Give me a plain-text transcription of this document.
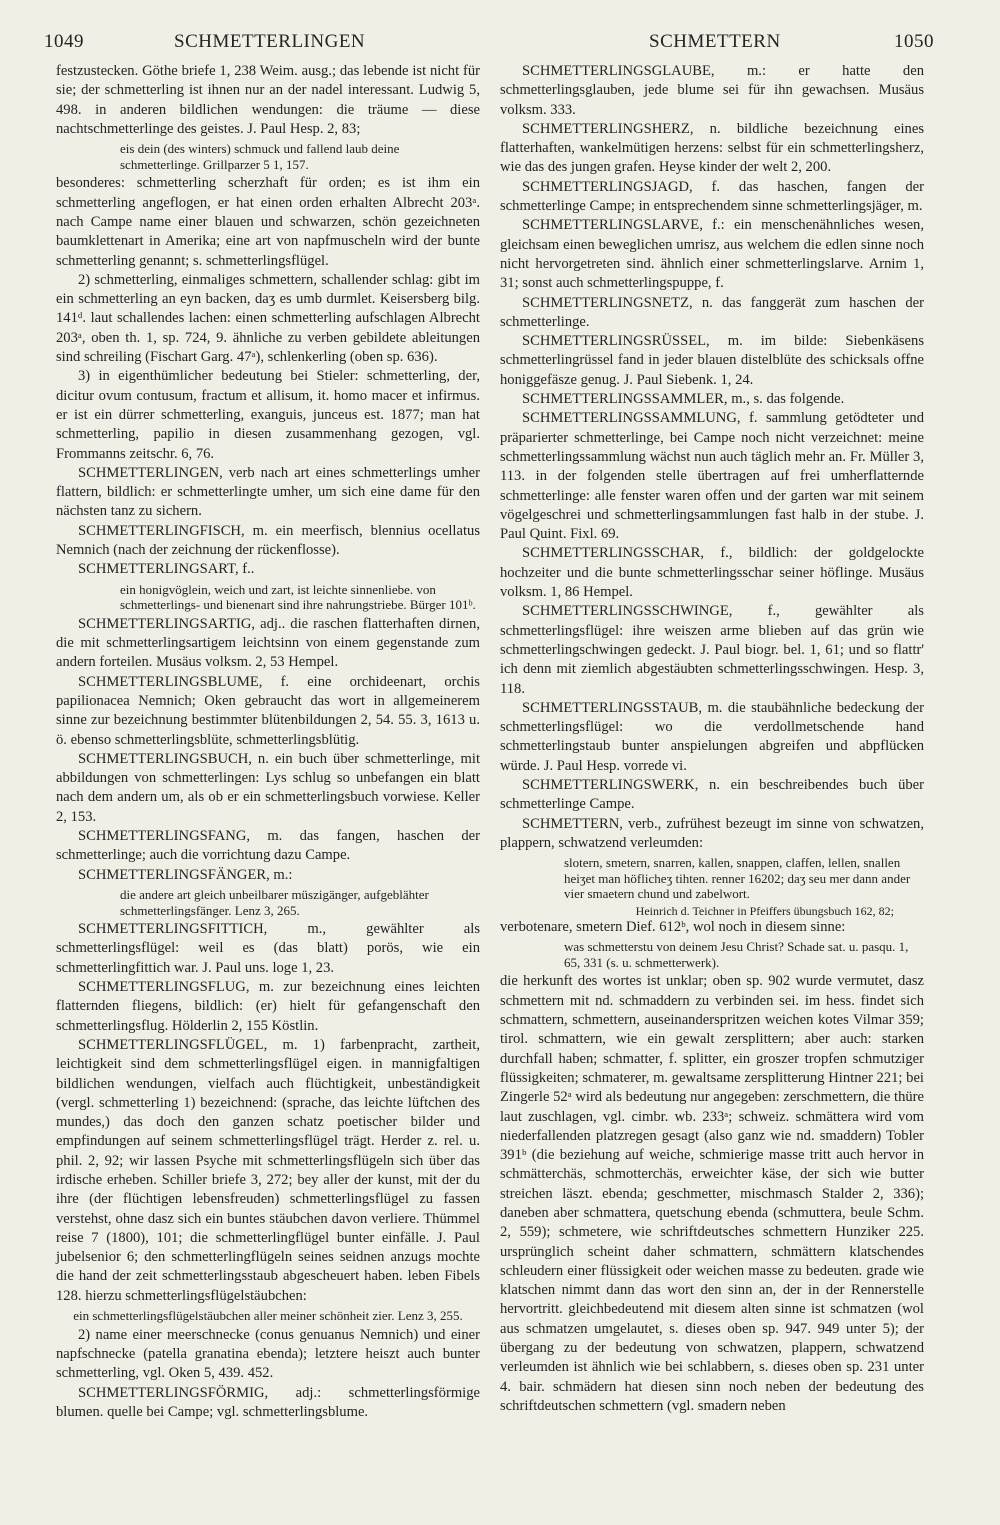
1049	SCHMETTERLINGEN	SCHMETTERN	1050

festzustecken. Göthe briefe 1, 238 Weim. ausg.; das lebende ist nicht für sie; der schmetterling ist ihnen nur an der nadel interessant. Ludwig 5, 498. in anderen bildlichen wendungen: die träume — diese nachtschmetterlinge des geistes. J. Paul Hesp. 2, 83;

eis dein (des winters) schmuck und fallend laub deine schmetterlinge. Grillparzer 5 1, 157.

besonderes: schmetterling scherzhaft für orden; es ist ihm ein schmetterling angeflogen, er hat einen orden erhalten Albrecht 203ᵃ. nach Campe name einer blauen und schwarzen, schön gezeichneten baumklettenart in Amerika; eine art von napfmuscheln wird der bunte schmetterling genannt; s. schmetterlingsflügel.

2) schmetterling, einmaliges schmettern, schallender schlag: gibt im ein schmetterling an eyn backen, daʒ es umb durmlet. Keisersberg bilg. 141ᵈ. laut schallendes lachen: einen schmetterling aufschlagen Albrecht 203ᵃ, oben th. 1, sp. 724, 9. ähnliche zu verben gebildete ableitungen sind schreiling (Fischart Garg. 47ᵃ), schlenkerling (oben sp. 636).

3) in eigenthümlicher bedeutung bei Stieler: schmetterling, der, dicitur ovum contusum, fractum et allisum, it. homo macer et infirmus. er ist ein dürrer schmetterling, exanguis, junceus est. 1877; man hat schmetterling, papilio in diesen zusammenhang gezogen, vgl. Frommanns zeitschr. 6, 76.

SCHMETTERLINGEN, verb nach art eines schmetterlings umher flattern, bildlich: er schmetterlingte umher, um sich eine dame für den nächsten tanz zu sichern.

SCHMETTERLINGFISCH, m. ein meerfisch, blennius ocellatus Nemnich (nach der zeichnung der rückenflosse).

SCHMETTERLINGSART, f..

ein honigvöglein, weich und zart, ist leichte sinnenliebe. von schmetterlings- und bienenart sind ihre nahrungstriebe. Bürger 101ᵇ.

SCHMETTERLINGSARTIG, adj.. die raschen flatterhaften dirnen, die mit schmetterlingsartigem leichtsinn von einem gegenstande zum andern forteilen. Musäus volksm. 2, 53 Hempel.

SCHMETTERLINGSBLUME, f. eine orchideenart, orchis papilionacea Nemnich; Oken gebraucht das wort in allgemeinerem sinne zur bezeichnung bestimmter blütenbildungen 2, 54. 55. 3, 1613 u. ö. ebenso schmetterlingsblüte, schmetterlingsblütig.

SCHMETTERLINGSBUCH, n. ein buch über schmetterlinge, mit abbildungen von schmetterlingen: Lys schlug so unbefangen ein blatt nach dem andern um, als ob er ein schmetterlingsbuch vorwiese. Keller 2, 153.

SCHMETTERLINGSFANG, m. das fangen, haschen der schmetterlinge; auch die vorrichtung dazu Campe.

SCHMETTERLINGSFÄNGER, m.:

die andere art gleich unbeilbarer müszigänger, aufgeblähter schmetterlingsfänger. Lenz 3, 265.

SCHMETTERLINGSFITTICH, m., gewählter als schmetterlingsflügel: weil es (das blatt) porös, wie ein schmetterlingfittich war. J. Paul uns. loge 1, 23.

SCHMETTERLINGSFLUG, m. zur bezeichnung eines leichten flatternden fliegens, bildlich: (er) hielt für gefangenschaft den schmetterlingsflug. Hölderlin 2, 155 Köstlin.

SCHMETTERLINGSFLÜGEL, m. 1) farbenpracht, zartheit, leichtigkeit sind dem schmetterlingsflügel eigen. in mannigfaltigen bildlichen wendungen, vielfach auch flüchtigkeit, unbeständigkeit (vergl. schmetterling 1) bezeichnend: (sprache, das leichte lüftchen des mundes,) das doch den ganzen schatz poetischer bilder und empfindungen auf seinem schmetterlingsflügel trägt. Herder z. rel. u. phil. 2, 92; wir lassen Psyche mit schmetterlingsflügeln sich über das irdische erheben. Schiller briefe 3, 272; bey aller der kunst, mit der du ihre (der flüchtigen lebensfreuden) schmetterlingsflügel zu fassen verstehst, ohne dasz sich ein buntes stäubchen davon verliere. Thümmel reise 7 (1800), 101; die schmetterlingflügel bunter einfälle. J. Paul jubelsenior 6; den schmetterlingflügeln seines seidnen anzugs mochte die hand der zeit schmetterlingsstaub abgescheuert haben. leben Fibels 128. hierzu schmetterlingsflügelstäubchen:

ein schmetterlingsflügelstäubchen aller meiner schönheit zier. Lenz 3, 255.

2) name einer meerschnecke (conus genuanus Nemnich) und einer napfschnecke (patella granatina ebenda); letztere heiszt auch bunter schmetterling, vgl. Oken 5, 439. 452.

SCHMETTERLINGSFÖRMIG, adj.: schmetterlingsförmige blumen. quelle bei Campe; vgl. schmetterlingsblume.

SCHMETTERLINGSGLAUBE, m.: er hatte den schmetterlingsglauben, jede blume sei für ihn gewachsen. Musäus volksm. 333.

SCHMETTERLINGSHERZ, n. bildliche bezeichnung eines flatterhaften, wankelmütigen herzens: selbst für ein schmetterlingsherz, wie das des jungen grafen. Heyse kinder der welt 2, 200.

SCHMETTERLINGSJAGD, f. das haschen, fangen der schmetterlinge Campe; in entsprechendem sinne schmetterlingsjäger, m.

SCHMETTERLINGSLARVE, f.: ein menschenähnliches wesen, gleichsam einen beweglichen umrisz, aus welchem die edlen sinne noch nicht hervorgetreten sind. ähnlich einer schmetterlingslarve. Arnim 1, 31; sonst auch schmetterlingspuppe, f.

SCHMETTERLINGSNETZ, n. das fanggerät zum haschen der schmetterlinge.

SCHMETTERLINGSRÜSSEL, m. im bilde: Siebenkäsens schmetterlingrüssel fand in jeder blauen distelblüte des schicksals offne honiggefäsze genug. J. Paul Siebenk. 1, 24.

SCHMETTERLINGSSAMMLER, m., s. das folgende.

SCHMETTERLINGSSAMMLUNG, f. sammlung getödteter und präparierter schmetterlinge, bei Campe noch nicht verzeichnet: meine schmetterlingssammlung wächst nun auch täglich mehr an. Fr. Müller 3, 113. in der folgenden stelle übertragen auf frei umherflatternde schmetterlinge: alle fenster waren offen und der garten war mit seinem vögelgeschrei und schmetterlingsammlungen fast halb in der stube. J. Paul Quint. Fixl. 69.

SCHMETTERLINGSSCHAR, f., bildlich: der goldgelockte hochzeiter und die bunte schmetterlingsschar seiner höflinge. Musäus volksm. 1, 86 Hempel.

SCHMETTERLINGSSCHWINGE, f., gewählter als schmetterlingsflügel: ihre weiszen arme blieben auf das grün wie schmetterlingschwingen gedeckt. J. Paul biogr. bel. 1, 61; und so flattr' ich denn mit ziemlich abgestäubten schmetterlingsschwingen. Hesp. 3, 118.

SCHMETTERLINGSSTAUB, m. die staubähnliche bedeckung der schmetterlingsflügel: wo die verdollmetschende hand schmetterlingstaub bunter anspielungen abgreifen und abpflücken würde. J. Paul Hesp. vorrede vi.

SCHMETTERLINGSWERK, n. ein beschreibendes buch über schmetterlinge Campe.

SCHMETTERN, verb., zufrühest bezeugt im sinne von schwatzen, plappern, schwatzend verleumden:

slotern, smetern, snarren, kallen, snappen, claffen, lellen, snallen heiʒet man höflicheʒ tihten. renner 16202; daʒ seu mer dann ander vier smaetern chund und zabelwort.

Heinrich d. Teichner in Pfeiffers übungsbuch 162, 82;

verbotenare, smetern Dief. 612ᵇ, wol noch in diesem sinne:

was schmetterstu von deinem Jesu Christ? Schade sat. u. pasqu. 1, 65, 331 (s. u. schmetterwerk).

die herkunft des wortes ist unklar; oben sp. 902 wurde vermutet, dasz schmettern mit nd. schmaddern zu verbinden sei. im hess. findet sich schmattern, schmettern, auseinanderspritzen weichen kotes Vilmar 359; tirol. schmattern, wie ein gewalt zersplittern; aber auch: starken durchfall haben; schmatter, f. splitter, ein groszer tropfen schmutziger flüssigkeiten; schmaterer, m. gewaltsame zersplitterung Hintner 221; bei Zingerle 52ᵃ wird als bedeutung nur angegeben: zerschmettern, die thüre laut zuschlagen, vgl. cimbr. wb. 233ᵃ; schweiz. schmättera wird vom niederfallenden platzregen gesagt (also ganz wie nd. smaddern) Tobler 391ᵇ (die beziehung auf weiche, schmierige masse tritt auch hervor in schmätterchäs, schmotterchäs, erweichter käse, der sich wie butter streichen läszt. ebenda; geschmetter, mischmasch Stalder 2, 336); daneben aber schmattera, quetschung ebenda (schmuttera, beule Schm. 2, 559); schmetere, wie schriftdeutsches schmettern Hunziker 225. ursprünglich scheint daher schmattern, schmättern klatschendes schleudern einer flüssigkeit oder weichen masse zu bedeuten. grade wie klatschen nimmt dann das wort den sinn an, der in der Rennerstelle hervortritt. gleichbedeutend mit diesem alten sinne ist schmatzen (wol aus schmatzen umgelautet, s. dieses oben sp. 947. 949 unter 5); der übergang zu der bedeutung von schwatzen, plappern, schwatzend verleumden ist ähnlich wie bei schlabbern, s. dieses oben sp. 231 unter 4. bair. schmädern hat diesen sinn noch neben der bedeutung des schriftdeutschen schmettern (vgl. smadern neben
